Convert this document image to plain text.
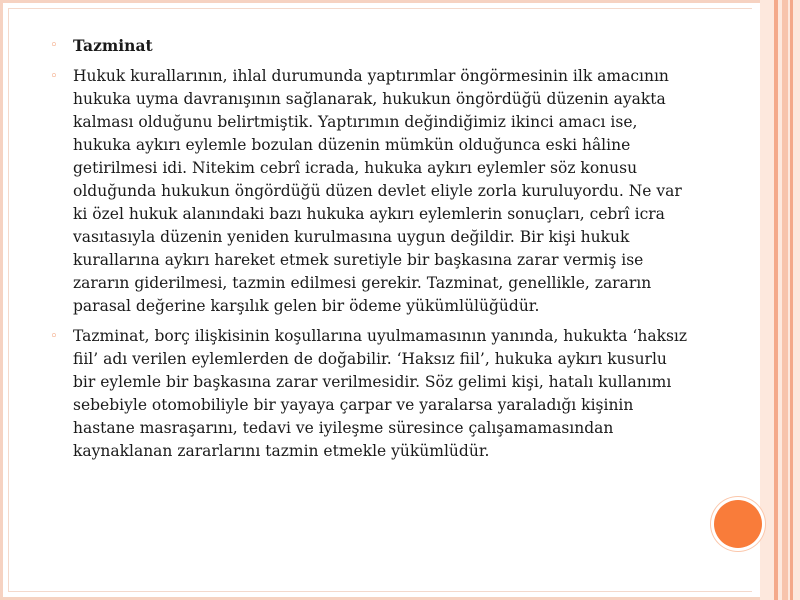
◦ Tazminat
◦ Hukuk kurallarının, ihlal durumunda yaptırımlar öngörmesinin ilk amacının hukuka uyma davranışının sağlanarak, hukukun öngördüğü düzenin ayakta kalması olduğunu belirtmiştik. Yaptırımın değindiğimiz ikinci amacı ise, hukuka aykırı eylemle bozulan düzenin mümkün olduğunca eski hâline getirilmesi idi. Nitekim cebrî icrada, hukuka aykırı eylemler söz konusu olduğunda hukukun öngördüğü düzen devlet eliyle zorla kuruluyordu. Ne var ki özel hukuk alanındaki bazı hukuka aykırı eylemlerin sonuçları, cebrî icra vasıtasıyla düzenin yeniden kurulmasına uygun değildir. Bir kişi hukuk kurallarına aykırı hareket etmek suretiyle bir başkasına zarar vermiş ise zararın giderilmesi, tazmin edilmesi gerekir. Tazminat, genellikle, zararın parasal değerine karşılık gelen bir ödeme yükümlülüğüdür.
◦ Tazminat, borç ilişkisinin koşullarına uyulmamasının yanında, hukukta ‘haksız fiil’ adı verilen eylemlerden de doğabilir. ‘Haksız fiil’, hukuka aykırı kusurlu bir eylemle bir başkasına zarar verilmesidir. Söz gelimi kişi, hatalı kullanımı sebebiyle otomobiliyle bir yayaya çarpar ve yaralarsa yaraladığı kişinin hastane masraşarını, tedavi ve iyileşme süresince çalışamamasından kaynaklanan zararlarını tazmin etmekle yükümlüdür.
